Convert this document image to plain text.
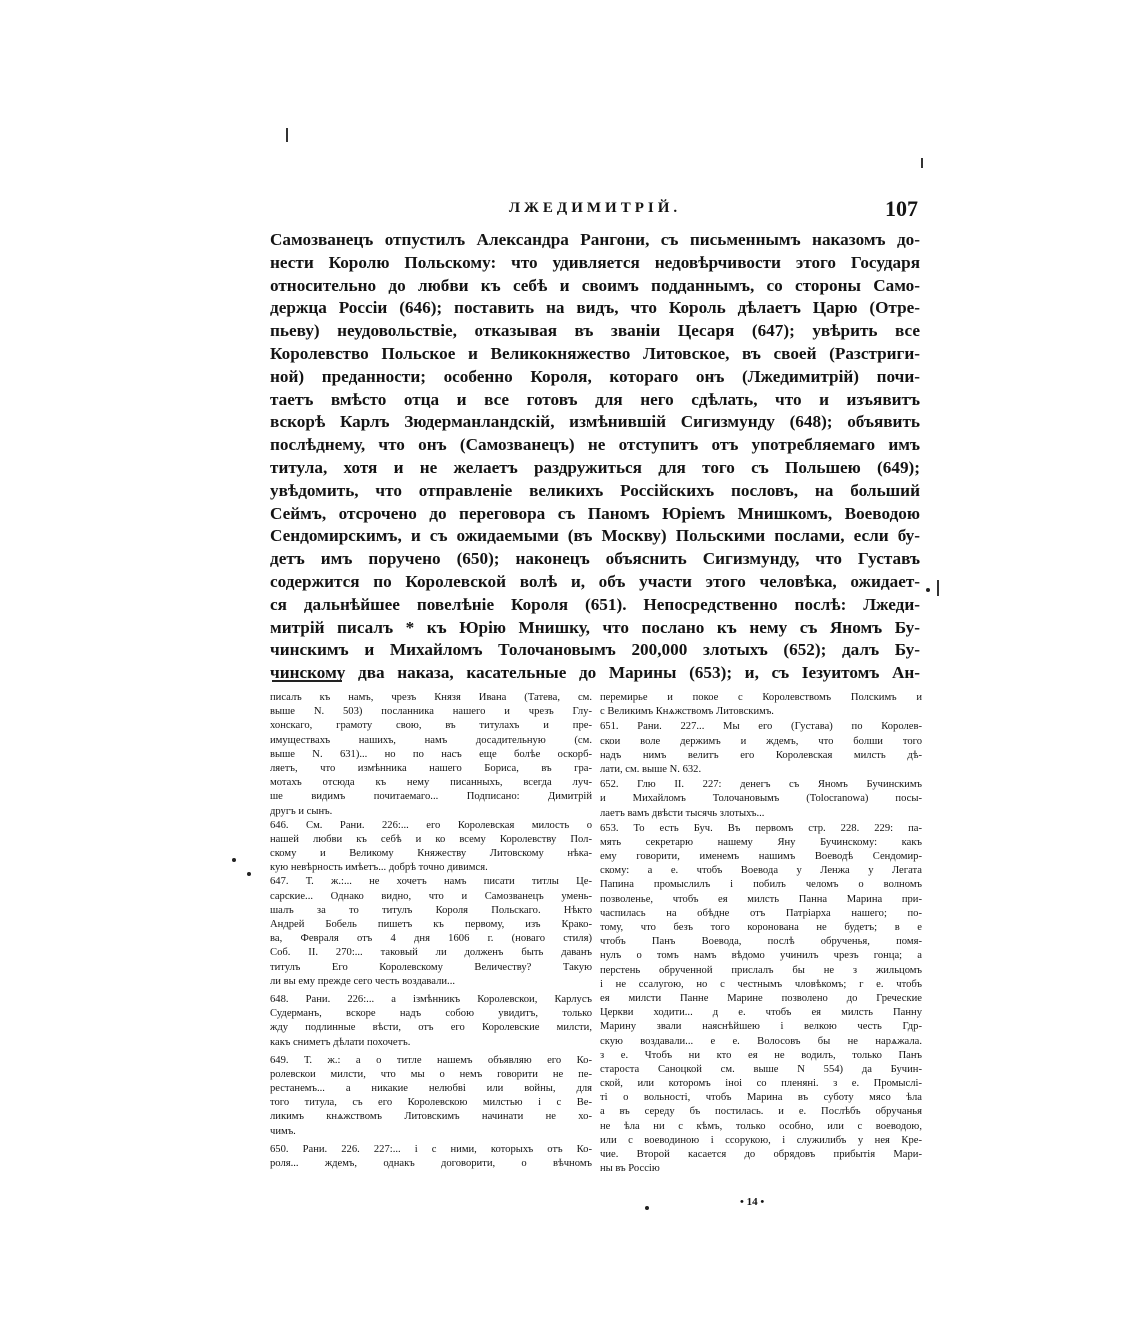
ЛЖЕДИМИТРІЙ.	107
Самозванецъ отпустилъ Александра Рангони, съ письменнымъ наказомъ до-
нести Королю Польскому: что удивляется недовѣрчивости этого Государя
относительно до любви къ себѣ и своимъ подданнымъ, со стороны Само-
держца Россіи (646); поставить на видъ, что Король дѣлаетъ Царю (Отре-
пьеву) неудовольствіе, отказывая въ званіи Цесаря (647); увѣрить все
Королевство Польское и Великокняжество Литовское, въ своей (Разстриги-
ной) преданности; особенно Короля, котораго онъ (Лжедимитрій) почи-
таетъ вмѣсто отца и все готовъ для него сдѣлать, что и изъявитъ
вскорѣ Карлъ Зюдерманландскій, измѣнившій Сигизмунду (648); объявить
послѣднему, что онъ (Самозванецъ) не отступитъ отъ употребляемаго имъ
титула, хотя и не желаетъ раздружиться для того съ Польшею (649);
увѣдомить, что отправленіе великихъ Россійскихъ пословъ, на больший
Сеймъ, отсрочено до переговора съ Паномъ Юріемъ Мнишкомъ, Воеводою
Сендомирскимъ, и съ ожидаемыми (въ Москву) Польскими послами, если бу-
детъ имъ поручено (650); наконецъ объяснить Сигизмунду, что Густавъ
содержится по Королевской волѣ и, объ участи этого человѣка, ожидает-
ся дальнѣйшее повелѣніе Короля (651). Непосредственно послѣ: Лжеди-
митрій писалъ * къ Юрію Мнишку, что послано къ нему съ Яномъ Бу-
чинскимъ и Михайломъ Толочановымъ 200,000 злотыхъ (652); далъ Бу-
чинскому два наказа, касательные до Марины (653); и, съ Іезуитомъ Ан-
писалъ къ намъ, чрезъ Князя Ивана (Татева, см.
выше N. 503) посланника нашего и чрезъ Глу-
хонскаго, грамоту свою, въ титулахъ и пре-
имуществахъ нашихъ, намъ досадительную (см.
выше N. 631)... но по насъ еще болѣе оскорб-
ляетъ, что измѣнника нашего Бориса, въ гра-
мотахъ отсюда къ нему писанныхъ, всегда луч-
ше видимъ почитаемаго... Подписано: Димитрій
другъ и сынъ.
646. См. Рани. 226:... его Королевская милость о
нашей любви къ себѣ и ко всему Королевству Пол-
скому и Великому Княжеству Литовскому нѣка-
кую невѣрность имѣетъ... добрѣ точно дивимся.
647. Т. ж.:... не хочетъ намъ писати титлы Це-
сарские... Однако видно, что и Самозванецъ умень-
шалъ за то титулъ Короля Польскаго. Нѣкто
Андрей Бобель пишетъ къ первому, изъ Крако-
ва, Февраля отъ 4 дня 1606 г. (новаго стиля)
Соб. II. 270:... таковый ли долженъ быть даванъ
титулъ Его Королевскому Величеству? Такую
ли вы ему прежде сего честь воздавали...
648. Рани. 226:... а ізмѣнникъ Королевскои, Карлусъ
Судерманъ, вскоре надъ собою увидитъ, только
жду подлинные вѣсти, отъ его Королевские милсти,
какъ сниметъ дѣлати похочетъ.
649. Т. ж.: а о титле нашемъ объявляю его Ко-
ролевскои милсти, что мы о немъ говорити не пе-
рестанемъ... а никакие нелюбві или войны, для
того титула, съ его Королевскою милстью і с Ве-
ликимъ кнѧжствомъ Литовскимъ начинати не хо-
чимъ.
650. Рани. 226. 227:... і с ними, которыхъ отъ Ко-
роля... ждемъ, однакъ договорити, о вѣчномъ
перемирье и покое с Королевствомъ Полскимъ и
с Великимъ Кнѧжствомъ Литовскимъ.
651. Рани. 227... Мы его (Густава) по Королев-
скои воле держимъ и ждемъ, что болши того
надъ нимъ велитъ его Королевская милсть дѣ-
лати, см. выше N. 632.
652. Глю II. 227: денегъ съ Яномъ Бучинскимъ
и Михайломъ Толочановымъ (Tolocranowa) посы-
лаетъ вамъ двѣсти тысячь злотыхъ...
653. То есть Буч. Въ первомъ стр. 228. 229: па-
мять секретарю нашему Яну Бучинскому: какъ
ему говорити, именемъ нашимъ Воеводѣ Сендомир-
скому: а е. чтобъ Воевода у Ленжа у Легата
Папина промыслилъ і побилъ челомъ о волномъ
позволенье, чтобъ ея милсть Панна Марина при-
часпилась на обѣдне отъ Патріарха нашего; по-
тому, что безъ того коронована не будетъ; в е
чтобъ Панъ Воевода, послѣ обрученья, помя-
нулъ о томъ намъ вѣдомо учинилъ чрезъ гонца; а
перстень обрученной прислалъ бы не з жильцомъ
і не ссалугою, но с честнымъ чловѣкомъ; г е. чтобъ
ея милсти Панне Марине позволено до Греческие
Церкви ходити... д е. чтобъ ея милсть Панну
Марину звали наяснѣйшею і велкою честь Гдр-
скую воздавали... е е. Волосовъ бы не нарѧжала.
з е. Чтобъ ни кто ея не водилъ, только Панъ
староста Саноцкой см. выше N 554) да Бучин-
ской, или которомъ іноі со пленяні. з е. Промыслі-
ті о вольності, чтобъ Марина въ суботу мясо ѣла
а въ середу бъ постилась. и е. Послѣбъ обручанья
не ѣла ни с кѣмъ, только особно, или с воеводою,
или с воеводиною і ссорукою, і служилибъ у нея Кре-
чие. Второй касается до обрядовъ прибытія Мари-
ны въ Россію
• 14 •
